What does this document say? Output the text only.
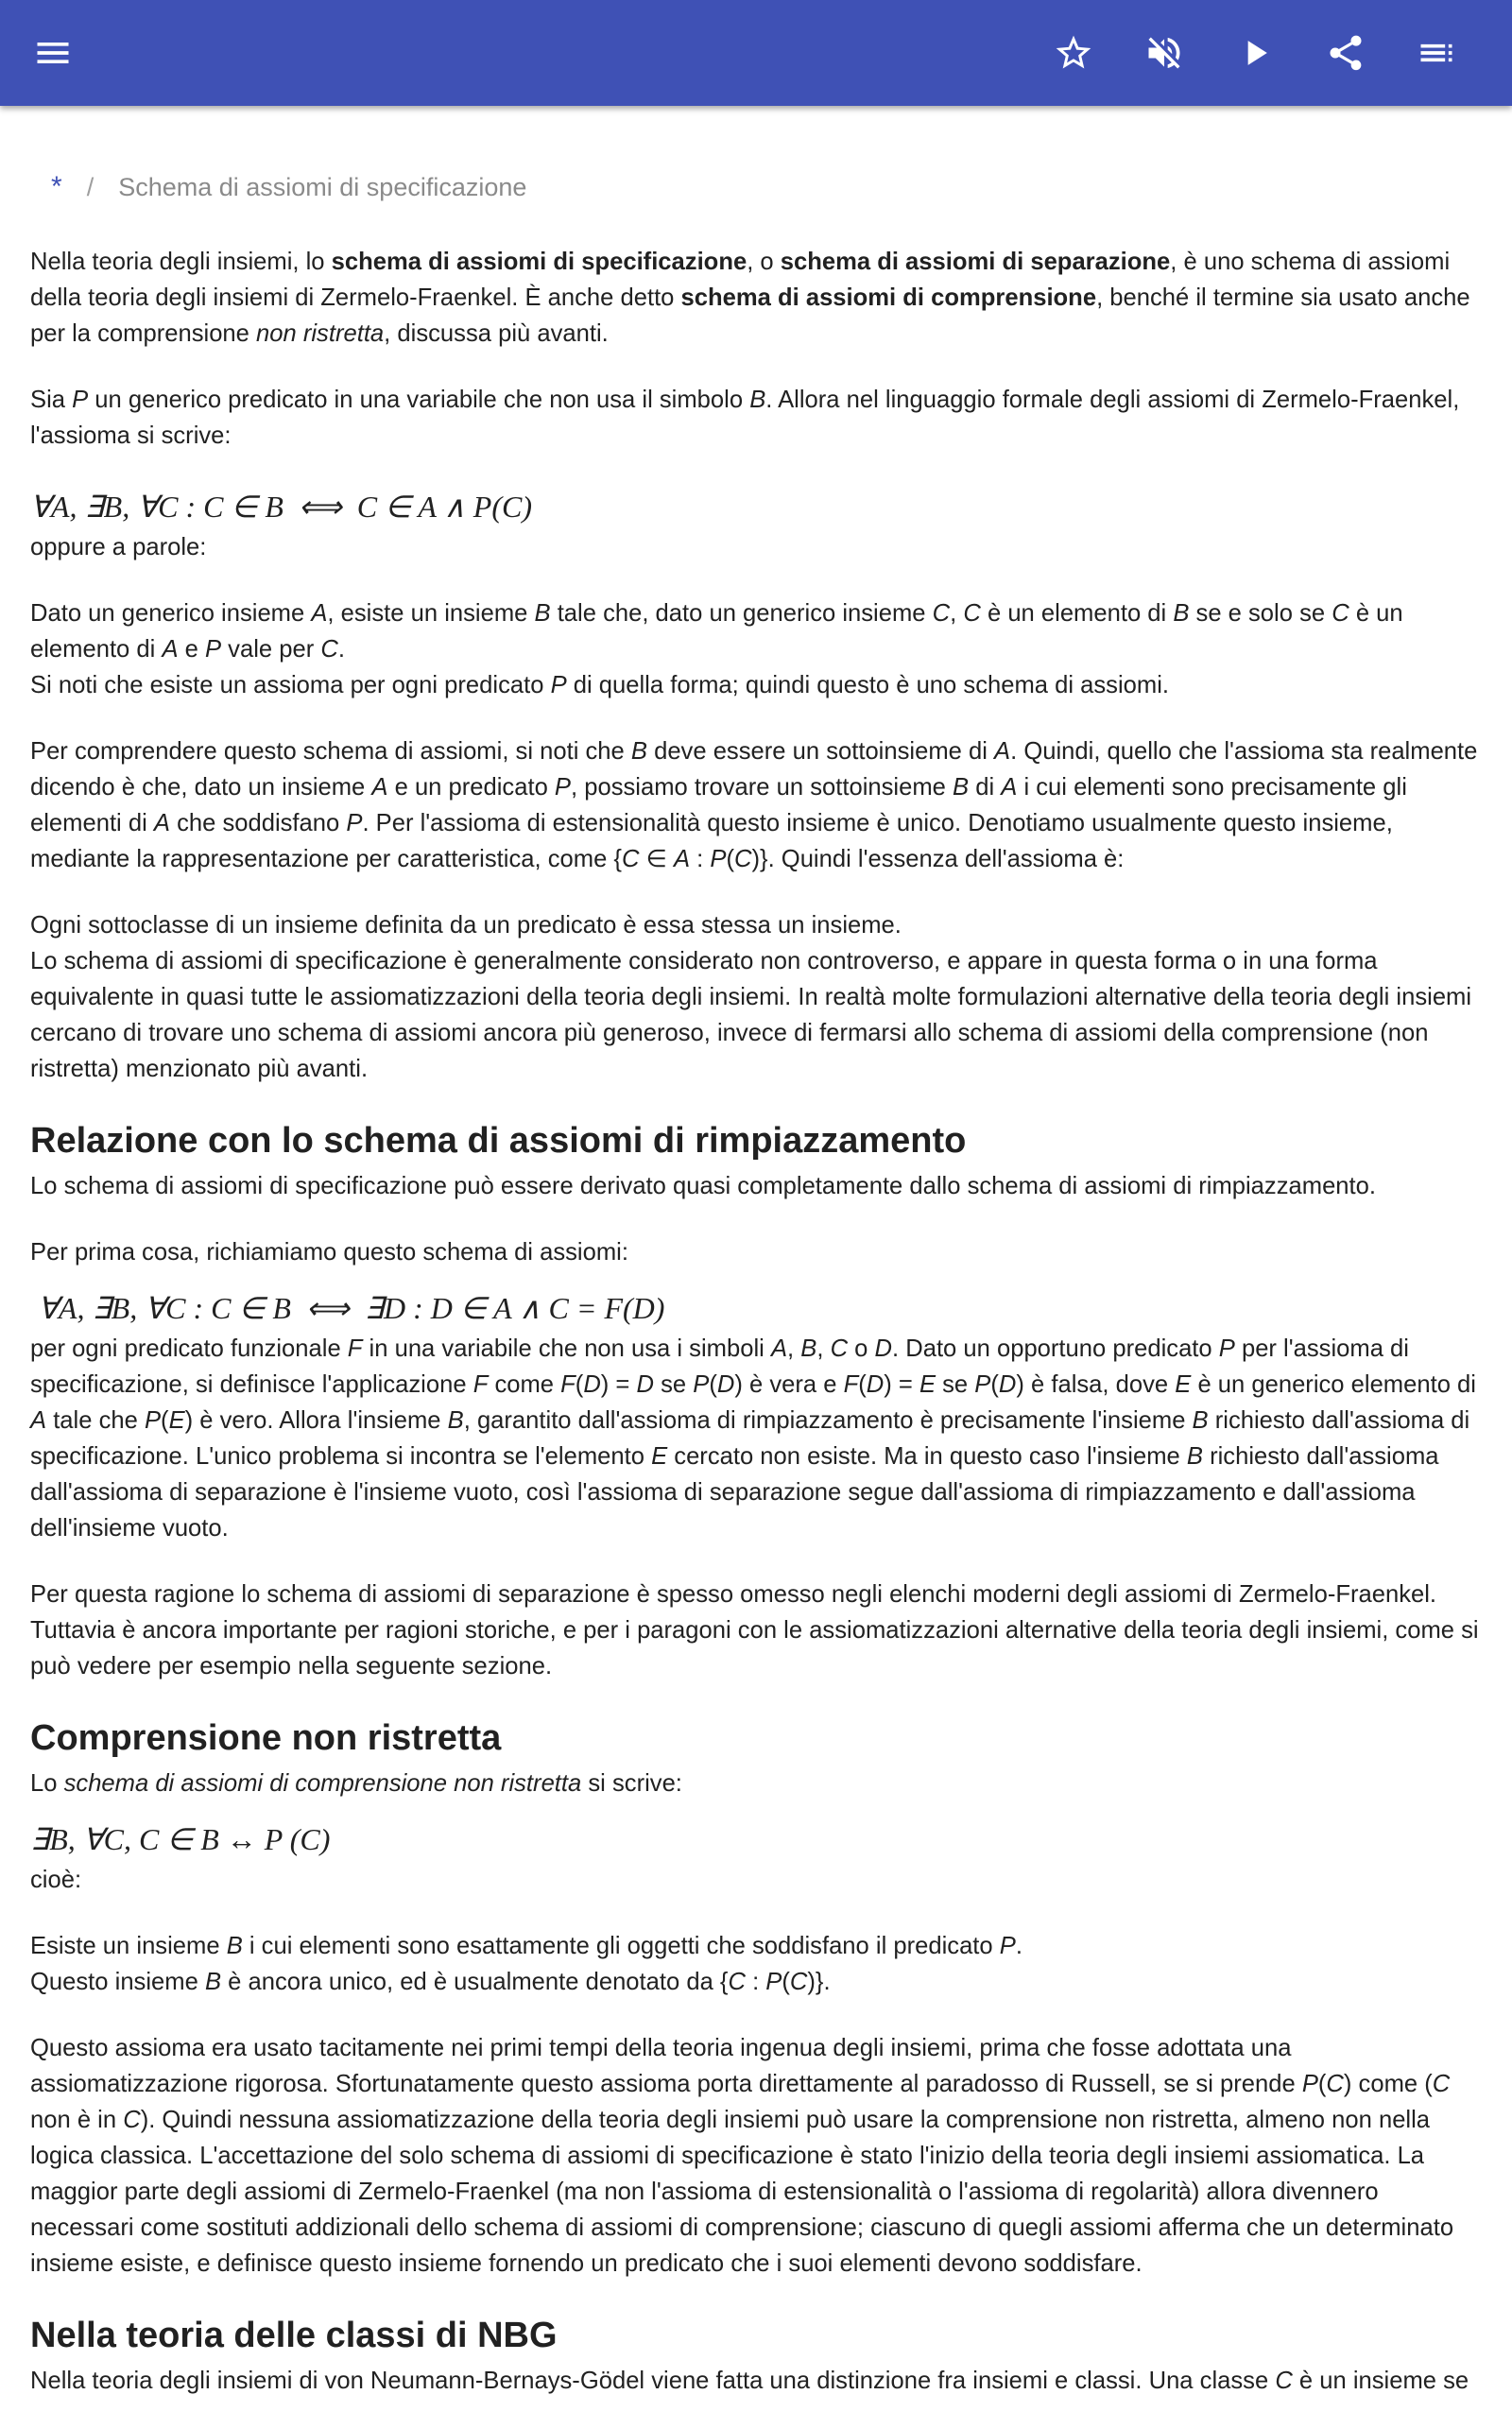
* / Schema di assiomi di specificazione

Nella teoria degli insiemi, lo schema di assiomi di specificazione, o schema di assiomi di separazione, è uno schema di assiomi della teoria degli insiemi di Zermelo-Fraenkel. È anche detto schema di assiomi di comprensione, benché il termine sia usato anche per la comprensione non ristretta, discussa più avanti.

Sia P un generico predicato in una variabile che non usa il simbolo B. Allora nel linguaggio formale degli assiomi di Zermelo-Fraenkel, l'assioma si scrive:

∀A, ∃B, ∀C : C ∈ B  ⟺  C ∈ A ∧ P(C)

oppure a parole:

Dato un generico insieme A, esiste un insieme B tale che, dato un generico insieme C, C è un elemento di B se e solo se C è un elemento di A e P vale per C.

Si noti che esiste un assioma per ogni predicato P di quella forma; quindi questo è uno schema di assiomi.

Per comprendere questo schema di assiomi, si noti che B deve essere un sottoinsieme di A. Quindi, quello che l'assioma sta realmente dicendo è che, dato un insieme A e un predicato P, possiamo trovare un sottoinsieme B di A i cui elementi sono precisamente gli elementi di A che soddisfano P. Per l'assioma di estensionalità questo insieme è unico. Denotiamo usualmente questo insieme, mediante la rappresentazione per caratteristica, come {C ∈ A : P(C)}. Quindi l'essenza dell'assioma è:

Ogni sottoclasse di un insieme definita da un predicato è essa stessa un insieme.

Lo schema di assiomi di specificazione è generalmente considerato non controverso, e appare in questa forma o in una forma equivalente in quasi tutte le assiomatizzazioni della teoria degli insiemi. In realtà molte formulazioni alternative della teoria degli insiemi cercano di trovare uno schema di assiomi ancora più generoso, invece di fermarsi allo schema di assiomi della comprensione (non ristretta) menzionato più avanti.

Relazione con lo schema di assiomi di rimpiazzamento

Lo schema di assiomi di specificazione può essere derivato quasi completamente dallo schema di assiomi di rimpiazzamento.

Per prima cosa, richiamiamo questo schema di assiomi:

∀A, ∃B, ∀C : C ∈ B  ⟺  ∃D : D ∈ A ∧ C = F(D)

per ogni predicato funzionale F in una variabile che non usa i simboli A, B, C o D. Dato un opportuno predicato P per l'assioma di specificazione, si definisce l'applicazione F come F(D) = D se P(D) è vera e F(D) = E se P(D) è falsa, dove E è un generico elemento di A tale che P(E) è vero. Allora l'insieme B, garantito dall'assioma di rimpiazzamento è precisamente l'insieme B richiesto dall'assioma di specificazione. L'unico problema si incontra se l'elemento E cercato non esiste. Ma in questo caso l'insieme B richiesto dall'assioma dall'assioma di separazione è l'insieme vuoto, così l'assioma di separazione segue dall'assioma di rimpiazzamento e dall'assioma dell'insieme vuoto.

Per questa ragione lo schema di assiomi di separazione è spesso omesso negli elenchi moderni degli assiomi di Zermelo-Fraenkel. Tuttavia è ancora importante per ragioni storiche, e per i paragoni con le assiomatizzazioni alternative della teoria degli insiemi, come si può vedere per esempio nella seguente sezione.

Comprensione non ristretta

Lo schema di assiomi di comprensione non ristretta si scrive:

∃B, ∀C, C ∈ B ↔ P (C)

cioè:

Esiste un insieme B i cui elementi sono esattamente gli oggetti che soddisfano il predicato P.

Questo insieme B è ancora unico, ed è usualmente denotato da {C : P(C)}.

Questo assioma era usato tacitamente nei primi tempi della teoria ingenua degli insiemi, prima che fosse adottata una assiomatizzazione rigorosa. Sfortunatamente questo assioma porta direttamente al paradosso di Russell, se si prende P(C) come (C non è in C). Quindi nessuna assiomatizzazione della teoria degli insiemi può usare la comprensione non ristretta, almeno non nella logica classica. L'accettazione del solo schema di assiomi di specificazione è stato l'inizio della teoria degli insiemi assiomatica. La maggior parte degli assiomi di Zermelo-Fraenkel (ma non l'assioma di estensionalità o l'assioma di regolarità) allora divennero necessari come sostituti addizionali dello schema di assiomi di comprensione; ciascuno di quegli assiomi afferma che un determinato insieme esiste, e definisce questo insieme fornendo un predicato che i suoi elementi devono soddisfare.

Nella teoria delle classi di NBG

Nella teoria degli insiemi di von Neumann-Bernays-Gödel viene fatta una distinzione fra insiemi e classi. Una classe C è un insieme se
